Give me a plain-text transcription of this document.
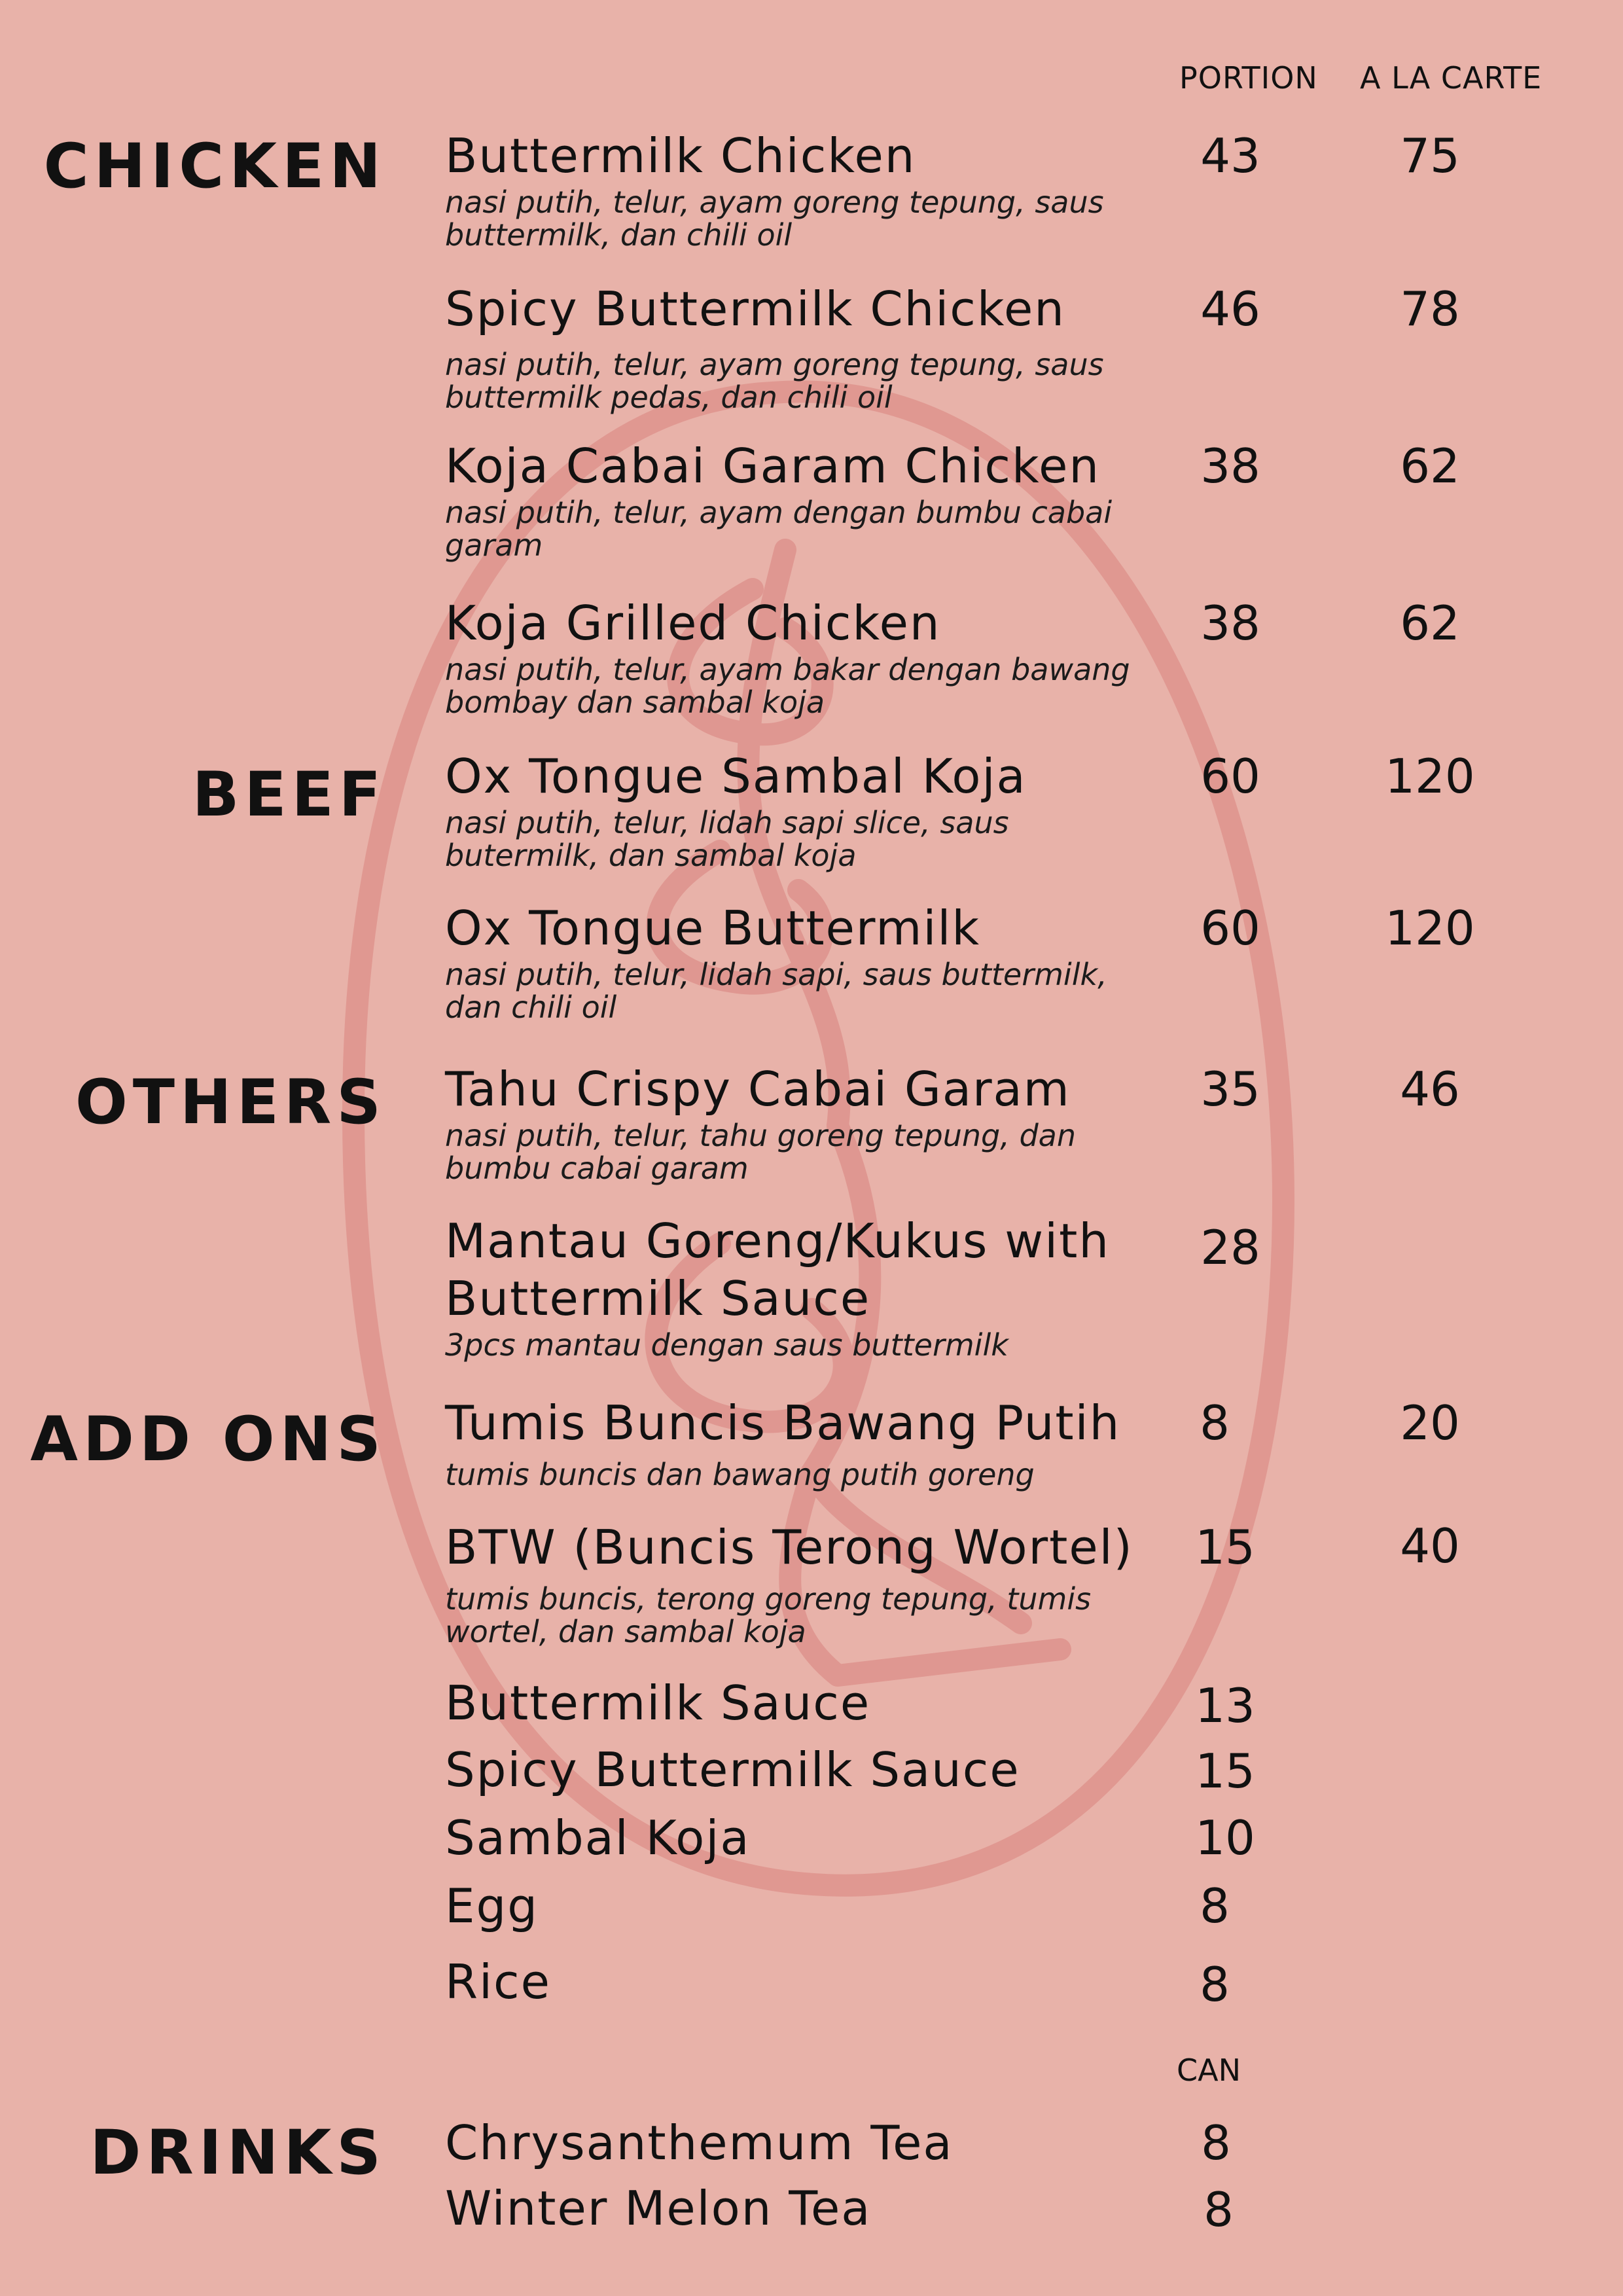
PORTION A LA CARTE
CHICKEN
BEEF
OTHERS
ADD ONS
DRINKS
Buttermilk Chicken
nasi putih, telur, ayam goreng tepung, saus buttermilk, dan chili oil
43	75
Spicy Buttermilk Chicken
nasi putih, telur, ayam goreng tepung, saus buttermilk pedas, dan chili oil
46	78
Koja Cabai Garam Chicken
nasi putih, telur, ayam dengan bumbu cabai garam
38	62
Koja Grilled Chicken
nasi putih, telur, ayam bakar dengan bawang bombay dan sambal koja
38	62
Ox Tongue Sambal Koja
nasi putih, telur, lidah sapi slice, saus butermilk, dan sambal koja
60	120
Ox Tongue Buttermilk
nasi putih, telur, lidah sapi, saus buttermilk, dan chili oil
60	120
Tahu Crispy Cabai Garam
nasi putih, telur, tahu goreng tepung, dan bumbu cabai garam
35	46
Mantau Goreng/Kukus with Buttermilk Sauce
3pcs mantau dengan saus buttermilk
28
Tumis Buncis Bawang Putih
tumis buncis dan bawang putih goreng
8	20
BTW (Buncis Terong Wortel)
tumis buncis, terong goreng tepung, tumis wortel, dan sambal koja
15	40
Buttermilk Sauce	13
Spicy Buttermilk Sauce	15
Sambal Koja	10
Egg	8
Rice	8
CAN
Chrysanthemum Tea	8
Winter Melon Tea	8
